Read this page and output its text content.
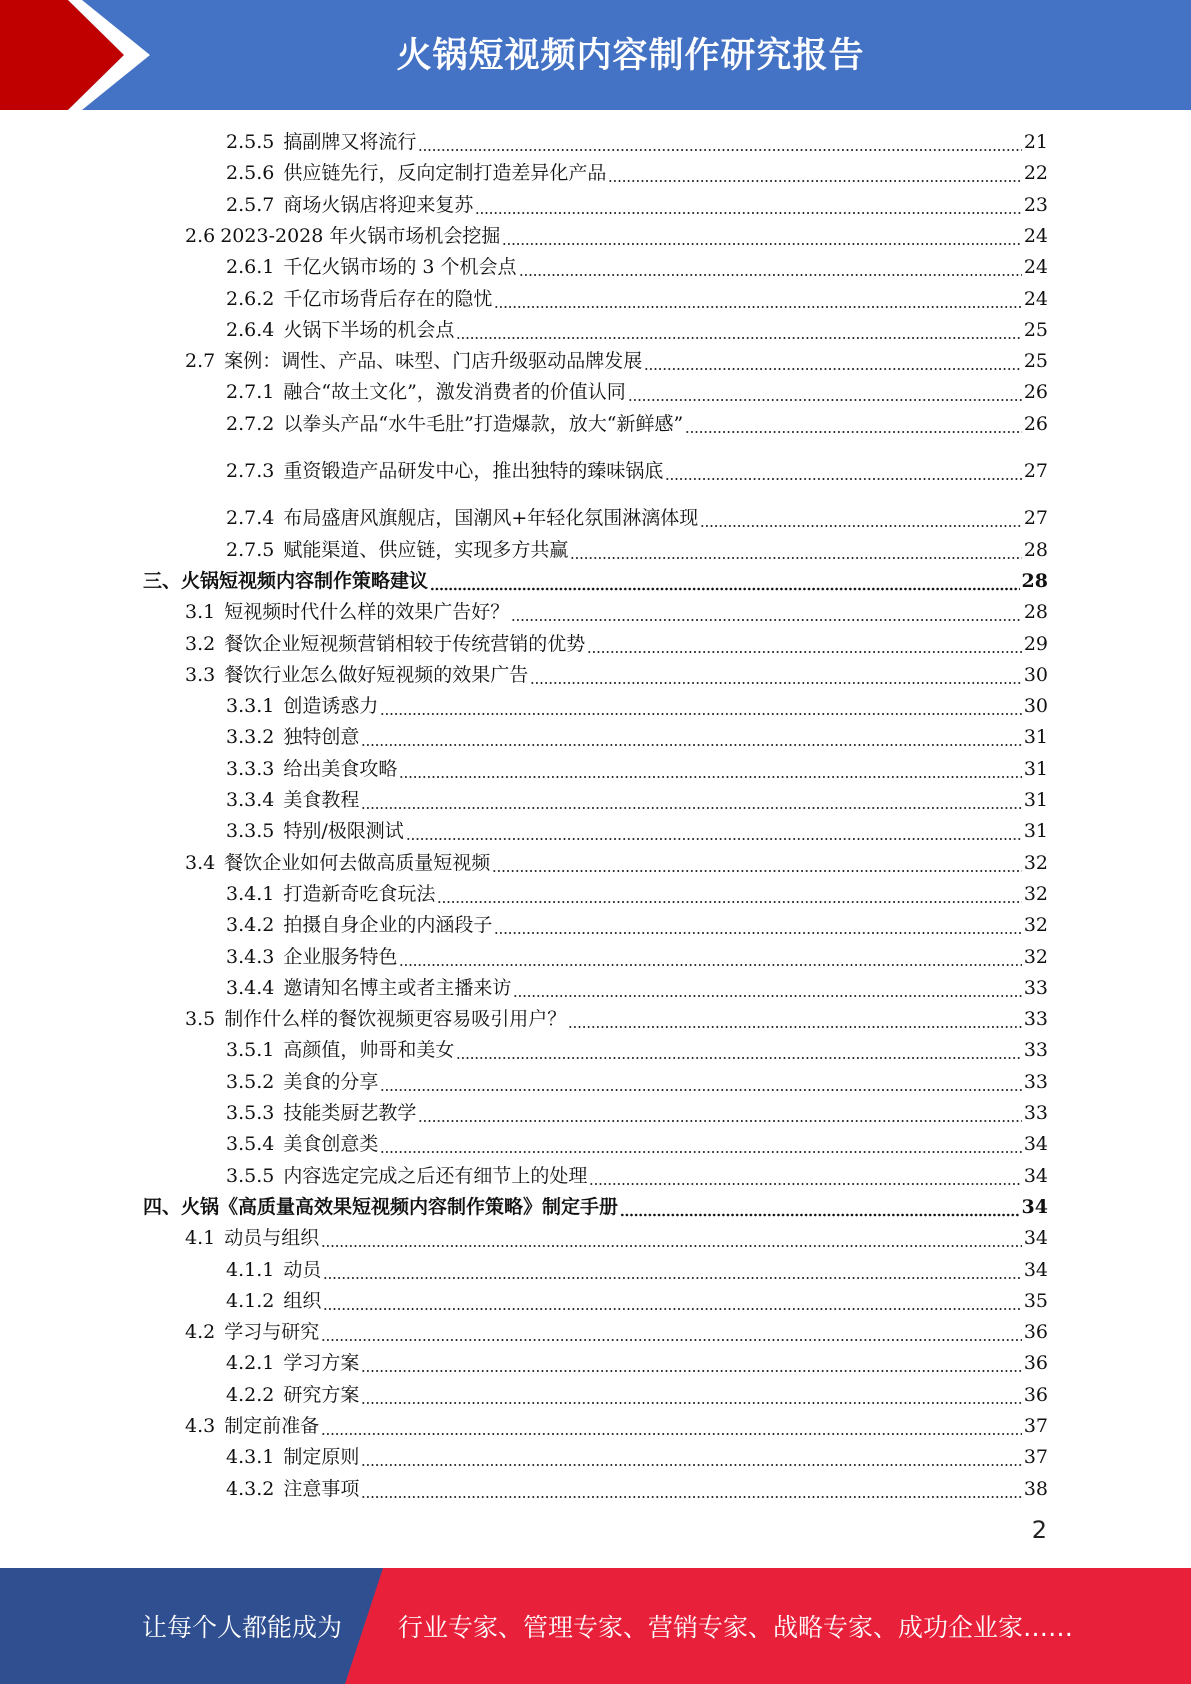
火锅短视频内容制作研究报告
2.5.5 搞副牌又将流行	21
2.5.6 供应链先行，反向定制打造差异化产品	22
2.5.7 商场火锅店将迎来复苏	23
2.6 2023-2028 年火锅市场机会挖掘	24
2.6.1 千亿火锅市场的 3 个机会点	24
2.6.2 千亿市场背后存在的隐忧	24
2.6.4 火锅下半场的机会点	25
2.7 案例：调性、产品、味型、门店升级驱动品牌发展	25
2.7.1 融合“故土文化”，激发消费者的价值认同	26
2.7.2 以拳头产品“水牛毛肚”打造爆款，放大“新鲜感”	26
2.7.3 重资锻造产品研发中心，推出独特的臻味锅底	27
2.7.4 布局盛唐风旗舰店，国潮风+年轻化氛围淋漓体现	27
2.7.5 赋能渠道、供应链，实现多方共赢	28
三、火锅短视频内容制作策略建议	28
3.1 短视频时代什么样的效果广告好？	28
3.2 餐饮企业短视频营销相较于传统营销的优势	29
3.3 餐饮行业怎么做好短视频的效果广告	30
3.3.1 创造诱惑力	30
3.3.2 独特创意	31
3.3.3 给出美食攻略	31
3.3.4 美食教程	31
3.3.5 特别/极限测试	31
3.4 餐饮企业如何去做高质量短视频	32
3.4.1 打造新奇吃食玩法	32
3.4.2 拍摄自身企业的内涵段子	32
3.4.3 企业服务特色	32
3.4.4 邀请知名博主或者主播来访	33
3.5 制作什么样的餐饮视频更容易吸引用户？	33
3.5.1 高颜值，帅哥和美女	33
3.5.2 美食的分享	33
3.5.3 技能类厨艺教学	33
3.5.4 美食创意类	34
3.5.5 内容选定完成之后还有细节上的处理	34
四、火锅《高质量高效果短视频内容制作策略》制定手册	34
4.1 动员与组织	34
4.1.1 动员	34
4.1.2 组织	35
4.2 学习与研究	36
4.2.1 学习方案	36
4.2.2 研究方案	36
4.3 制定前准备	37
4.3.1 制定原则	37
4.3.2 注意事项	38
2
让每个人都能成为 行业专家、管理专家、营销专家、战略专家、成功企业家……
